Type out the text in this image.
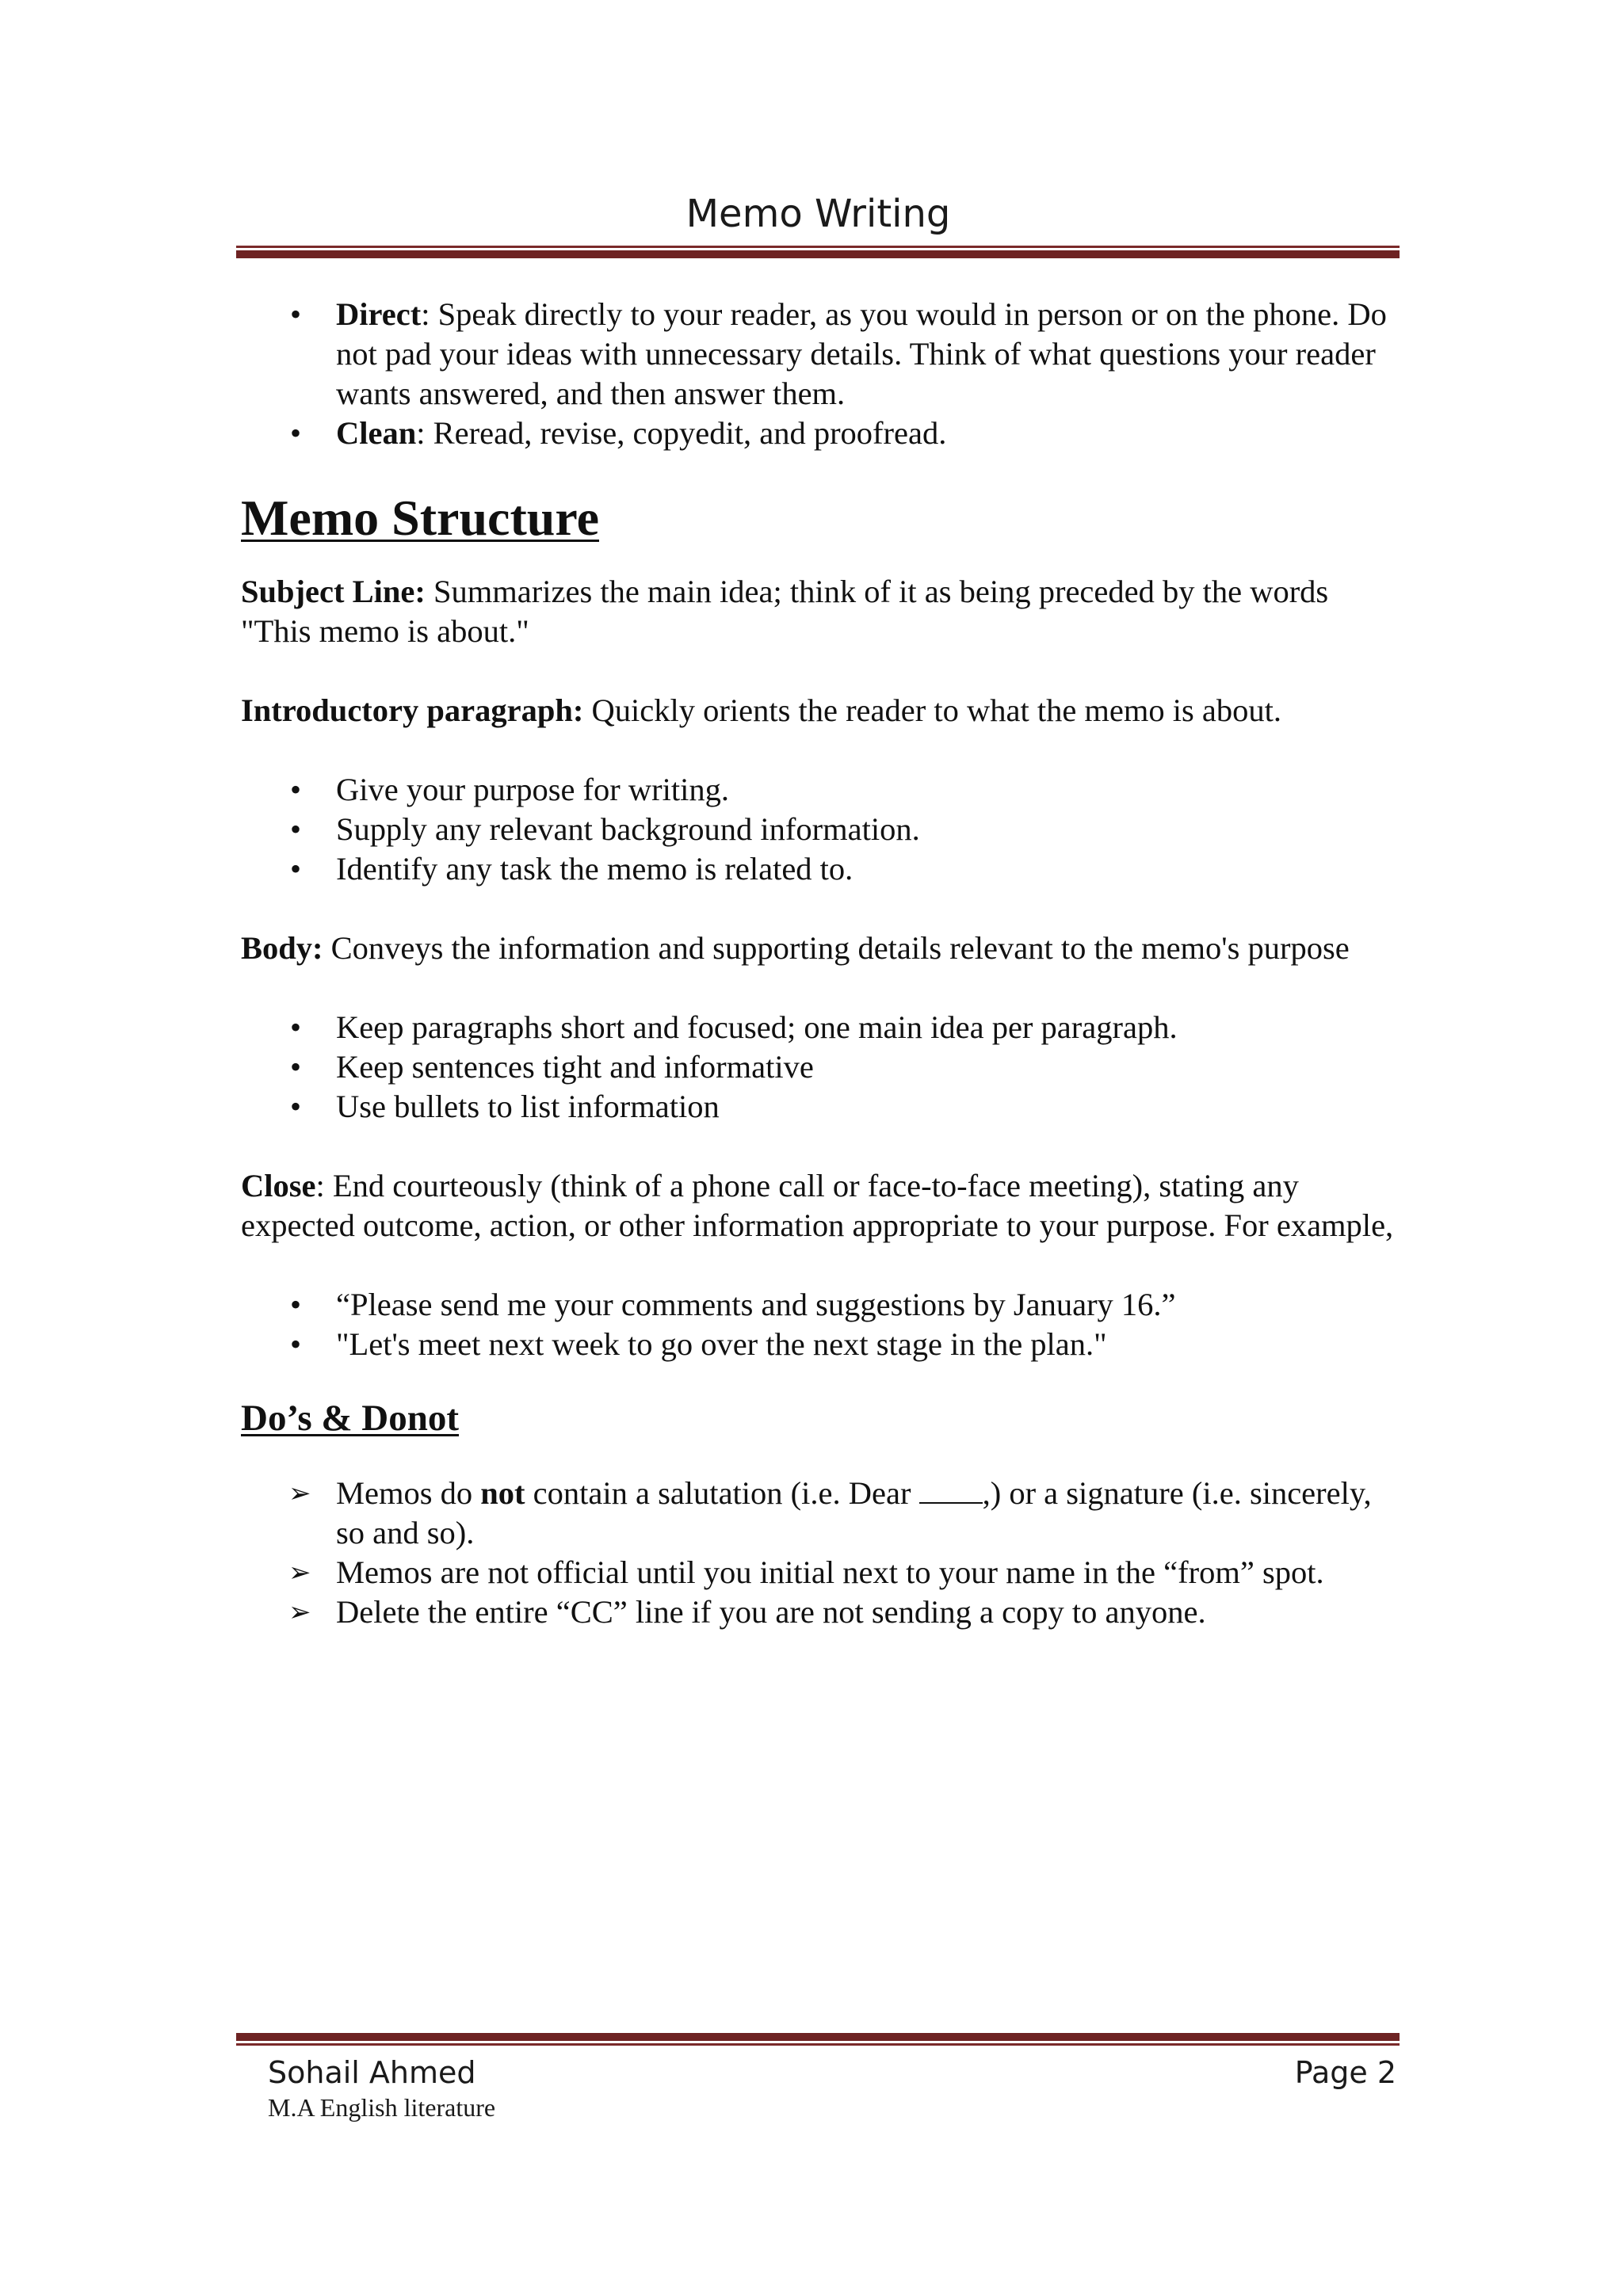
Memo Writing
• Direct: Speak directly to your reader, as you would in person or on the phone. Do not pad your ideas with unnecessary details. Think of what questions your reader wants answered, and then answer them.
• Clean: Reread, revise, copyedit, and proofread.
Memo Structure

Subject Line: Summarizes the main idea; think of it as being preceded by the words "This memo is about."

Introductory paragraph: Quickly orients the reader to what the memo is about.

• Give your purpose for writing.
• Supply any relevant background information.
• Identify any task the memo is related to.

Body: Conveys the information and supporting details relevant to the memo's purpose

• Keep paragraphs short and focused; one main idea per paragraph.
• Keep sentences tight and informative
• Use bullets to list information

Close: End courteously (think of a phone call or face-to-face meeting), stating any expected outcome, action, or other information appropriate to your purpose. For example,

• “Please send me your comments and suggestions by January 16.”
• "Let's meet next week to go over the next stage in the plan."
Do’s & Donot
➢ Memos do not contain a salutation (i.e. Dear ,) or a signature (i.e. sincerely, so and so).
➢ Memos are not official until you initial next to your name in the “from” spot.
➢ Delete the entire “CC” line if you are not sending a copy to anyone.
Sohail Ahmed
M.A English literature
Page 2
